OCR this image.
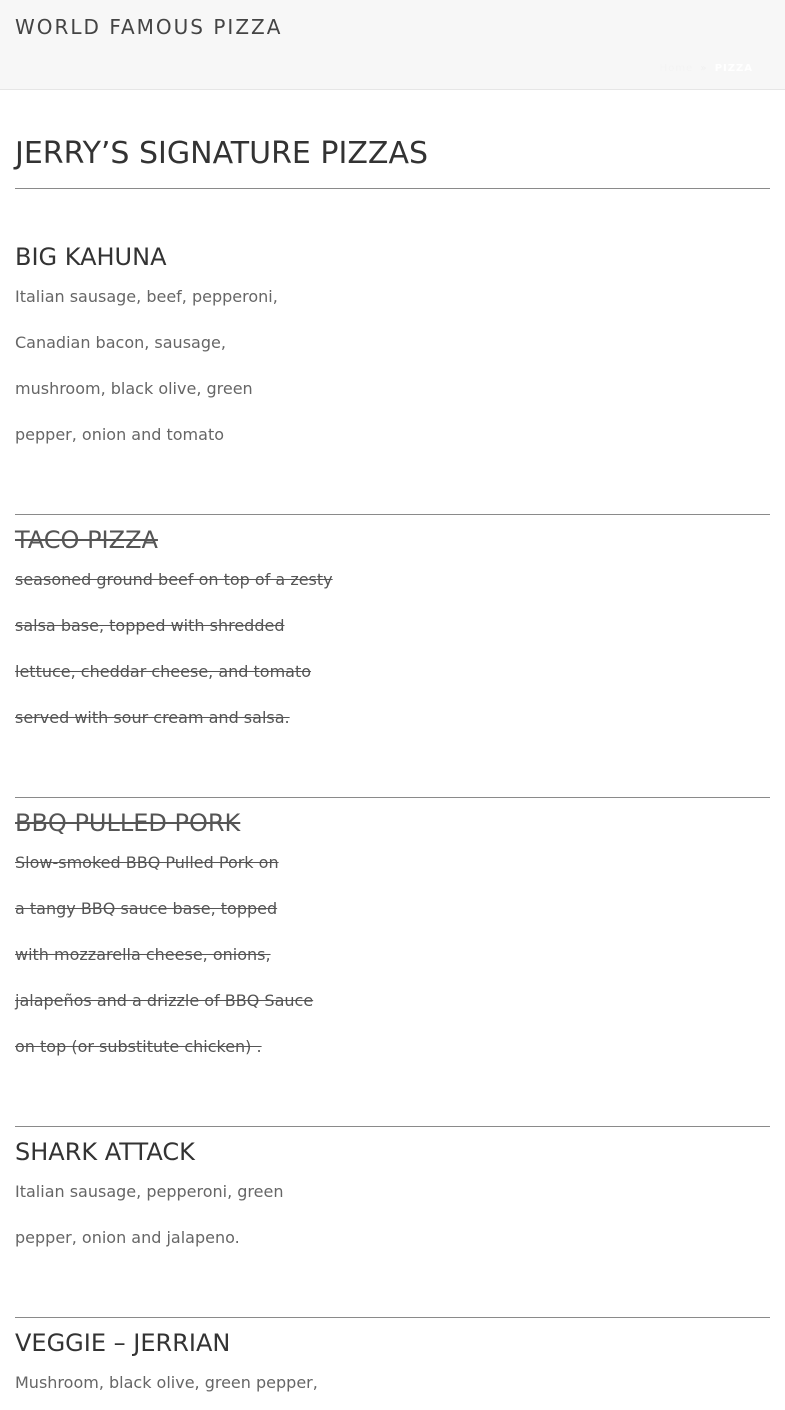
WORLD FAMOUS PIZZA
Home » PIZZA
JERRY’S SIGNATURE PIZZAS
BIG KAHUNA

Italian sausage, beef, pepperoni,

Canadian bacon, sausage,

mushroom, black olive, green

pepper, onion and tomato

TACO PIZZA

seasoned ground beef on top of a zesty

salsa base, topped with shredded

lettuce, cheddar cheese, and tomato

served with sour cream and salsa.

BBQ PULLED PORK

Slow-smoked BBQ Pulled Pork on

a tangy BBQ sauce base, topped

with mozzarella cheese, onions,

jalapeños and a drizzle of BBQ Sauce

on top (or substitute chicken) .

SHARK ATTACK

Italian sausage, pepperoni, green

pepper, onion and jalapeno.

VEGGIE – JERRIAN

Mushroom, black olive, green pepper,
